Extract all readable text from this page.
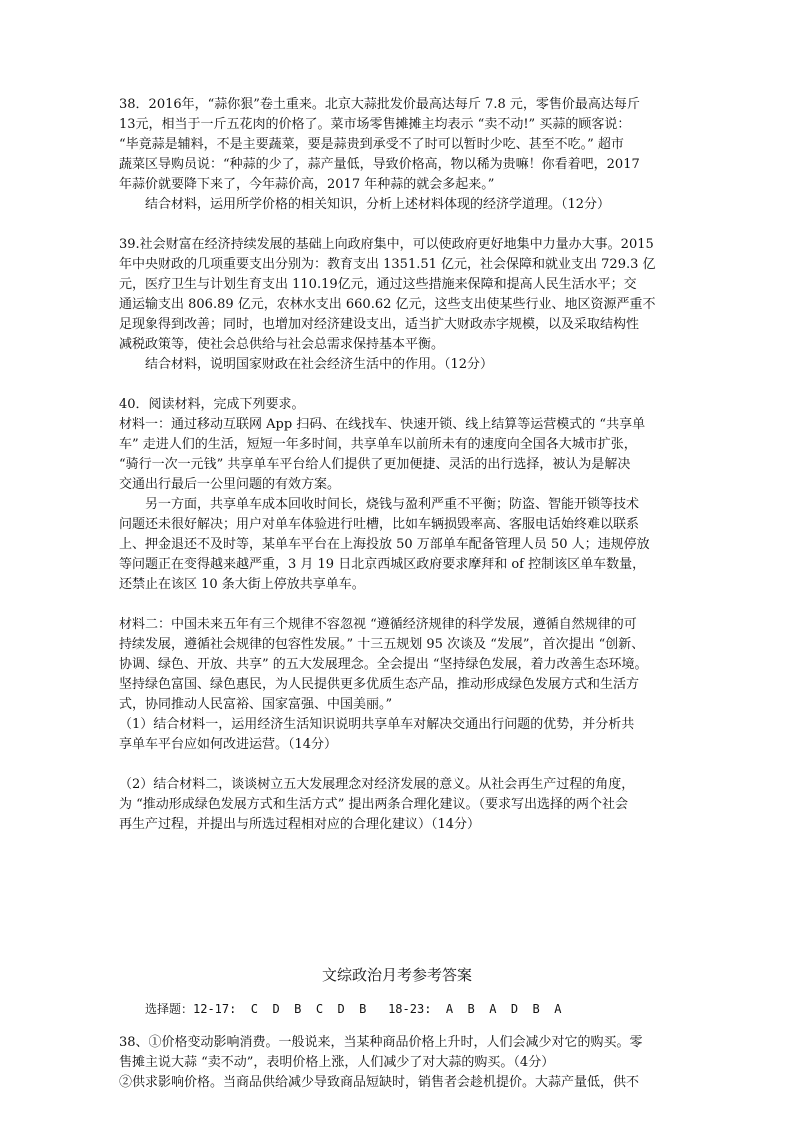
38．2016年，“蒜你狠”卷土重来。北京大蒜批发价最高达每斤 7.8 元，零售价最高达每斤

13元，相当于一斤五花肉的价格了。菜市场零售摊摊主均表示 “卖不动!” 买蒜的顾客说：

“毕竟蒜是辅料，不是主要蔬菜，要是蒜贵到承受不了时可以暂时少吃、甚至不吃。” 超市

蔬菜区导购员说：“种蒜的少了，蒜产量低，导致价格高，物以稀为贵嘛！你看着吧，2017

年蒜价就要降下来了，今年蒜价高，2017 年种蒜的就会多起来。”

结合材料，运用所学价格的相关知识，分析上述材料体现的经济学道理。（12分）

39.社会财富在经济持续发展的基础上向政府集中，可以使政府更好地集中力量办大事。2015

年中央财政的几项重要支出分别为：教育支出 1351.51 亿元，社会保障和就业支出 729.3 亿

元，医疗卫生与计划生育支出 110.19亿元，通过这些措施来保障和提高人民生活水平；交

通运输支出 806.89 亿元，农林水支出 660.62 亿元，这些支出使某些行业、地区资源严重不

足现象得到改善；同时，也增加对经济建设支出，适当扩大财政赤字规模，以及采取结构性

减税政策等，使社会总供给与社会总需求保持基本平衡。

结合材料，说明国家财政在社会经济生活中的作用。（12分）

40．阅读材料，完成下列要求。

材料一：通过移动互联网 App 扫码、在线找车、快速开锁、线上结算等运营模式的 “共享单

车” 走进人们的生活，短短一年多时间，共享单车以前所未有的速度向全国各大城市扩张，

“骑行一次一元钱” 共享单车平台给人们提供了更加便捷、灵活的出行选择，被认为是解决

交通出行最后一公里问题的有效方案。

另一方面，共享单车成本回收时间长，烧钱与盈利严重不平衡；防盗、智能开锁等技术

问题还未很好解决；用户对单车体验进行吐槽，比如车辆损毁率高、客服电话始终难以联系

上、押金退还不及时等，某单车平台在上海投放 50 万部单车配备管理人员 50 人；违规停放

等问题正在变得越来越严重，3 月 19 日北京西城区政府要求摩拜和 of 控制该区单车数量，

还禁止在该区 10 条大街上停放共享单车。

材料二：中国未来五年有三个规律不容忽视 “遵循经济规律的科学发展，遵循自然规律的可

持续发展，遵循社会规律的包容性发展。” 十三五规划 95 次谈及 “发展”，首次提出 “创新、

协调、绿色、开放、共享” 的五大发展理念。全会提出 “坚持绿色发展，着力改善生态环境。

坚持绿色富国、绿色惠民，为人民提供更多优质生态产品，推动形成绿色发展方式和生活方

式，协同推动人民富裕、国家富强、中国美丽。”

（1）结合材料一，运用经济生活知识说明共享单车对解决交通出行问题的优势，并分析共

享单车平台应如何改进运营。（14分）

（2）结合材料二，谈谈树立五大发展理念对经济发展的意义。从社会再生产过程的角度，

为 “推动形成绿色发展方式和生活方式” 提出两条合理化建议。（要求写出选择的两个社会

再生产过程，并提出与所选过程相对应的合理化建议）（14分）

文综政治月考参考答案

选择题：12-17:  C  D  B  C  D  B   18-23:  A  B  A  D  B  A

38、①价格变动影响消费。一般说来，当某种商品价格上升时，人们会减少对它的购买。零

售摊主说大蒜 “卖不动”，表明价格上涨，人们减少了对大蒜的购买。（4分）

②供求影响价格。当商品供给减少导致商品短缺时，销售者会趁机提价。大蒜产量低，供不
